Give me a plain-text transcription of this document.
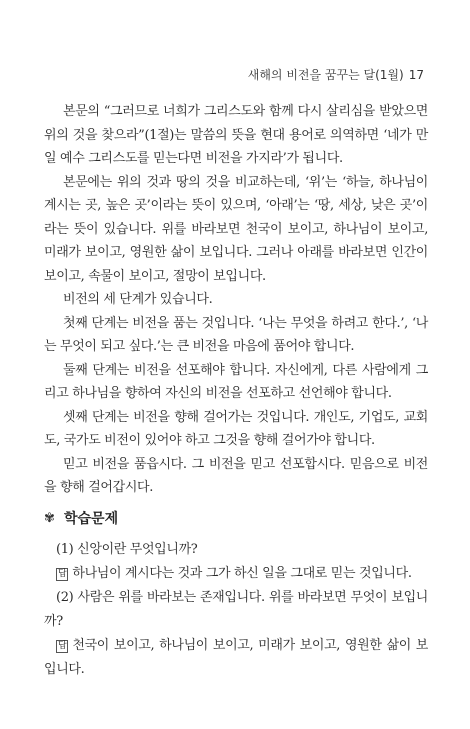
새해의 비전을 꿈꾸는 달(1월) 17

본문의 “그러므로 너희가 그리스도와 함께 다시 살리심을 받았으면 위의 것을 찾으라”(1절)는 말씀의 뜻을 현대 용어로 의역하면 ‘네가 만일 예수 그리스도를 믿는다면 비전을 가지라’가 됩니다.

본문에는 위의 것과 땅의 것을 비교하는데, ‘위’는 ‘하늘, 하나님이 계시는 곳, 높은 곳’이라는 뜻이 있으며, ‘아래’는 ‘땅, 세상, 낮은 곳’이라는 뜻이 있습니다. 위를 바라보면 천국이 보이고, 하나님이 보이고, 미래가 보이고, 영원한 삶이 보입니다. 그러나 아래를 바라보면 인간이 보이고, 속물이 보이고, 절망이 보입니다.

비전의 세 단계가 있습니다.

첫째 단계는 비전을 품는 것입니다. ‘나는 무엇을 하려고 한다.’, ‘나는 무엇이 되고 싶다.’는 큰 비전을 마음에 품어야 합니다.

둘째 단계는 비전을 선포해야 합니다. 자신에게, 다른 사람에게 그리고 하나님을 향하여 자신의 비전을 선포하고 선언해야 합니다.

셋째 단계는 비전을 향해 걸어가는 것입니다. 개인도, 기업도, 교회도, 국가도 비전이 있어야 하고 그것을 향해 걸어가야 합니다.

믿고 비전을 품읍시다. 그 비전을 믿고 선포합시다. 믿음으로 비전을 향해 걸어갑시다.

✾ 학습문제

(1) 신앙이란 무엇입니까?

답 하나님이 계시다는 것과 그가 하신 일을 그대로 믿는 것입니다.

(2) 사람은 위를 바라보는 존재입니다. 위를 바라보면 무엇이 보입니까?

답 천국이 보이고, 하나님이 보이고, 미래가 보이고, 영원한 삶이 보입니다.
